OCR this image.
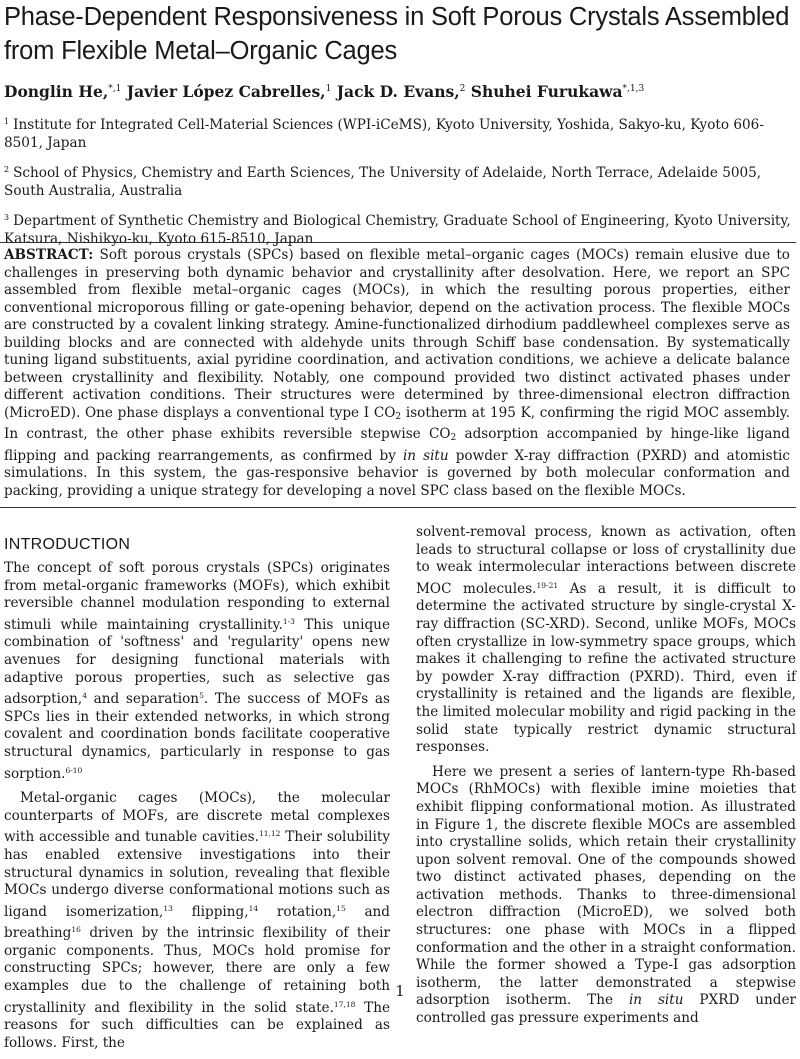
Phase-Dependent Responsiveness in Soft Porous Crystals Assembled from Flexible Metal–Organic Cages
Donglin He,$^{*,1}$ Javier López Cabrelles,$^1$ Jack D. Evans,$^2$ Shuhei Furukawa$^{*,1,3}$
$^1$ Institute for Integrated Cell-Material Sciences (WPI-iCeMS), Kyoto University, Yoshida, Sakyo-ku, Kyoto 606-8501, Japan
$^2$ School of Physics, Chemistry and Earth Sciences, The University of Adelaide, North Terrace, Adelaide 5005, South Australia, Australia
$^3$ Department of Synthetic Chemistry and Biological Chemistry, Graduate School of Engineering, Kyoto University, Katsura, Nishikyo-ku, Kyoto 615-8510, Japan
ABSTRACT: Soft porous crystals (SPCs) based on flexible metal–organic cages (MOCs) remain elusive due to challenges in preserving both dynamic behavior and crystallinity after desolvation. Here, we report an SPC assembled from flexible metal–organic cages (MOCs), in which the resulting porous properties, either conventional microporous filling or gate-opening behavior, depend on the activation process. The flexible MOCs are constructed by a covalent linking strategy. Amine-functionalized dirhodium paddlewheel complexes serve as building blocks and are connected with aldehyde units through Schiff base condensation. By systematically tuning ligand substituents, axial pyridine coordination, and activation conditions, we achieve a delicate balance between crystallinity and flexibility. Notably, one compound provided two distinct activated phases under different activation conditions. Their structures were determined by three-dimensional electron diffraction (MicroED). One phase displays a conventional type I $CO_2$ isotherm at 195 K, confirming the rigid MOC assembly. In contrast, the other phase exhibits reversible stepwise $CO_2$ adsorption accompanied by hinge-like ligand flipping and packing rearrangements, as confirmed by in situ powder X-ray diffraction (PXRD) and atomistic simulations. In this system, the gas-responsive behavior is governed by both molecular conformation and packing, providing a unique strategy for developing a novel SPC class based on the flexible MOCs.
INTRODUCTION

The concept of soft porous crystals (SPCs) originates from metal-organic frameworks (MOFs), which exhibit reversible channel modulation responding to external stimuli while maintaining crystallinity.$^{1-3}$ This unique combination of 'softness' and 'regularity' opens new avenues for designing functional materials with adaptive porous properties, such as selective gas adsorption,$^4$ and separation$^5$. The success of MOFs as SPCs lies in their extended networks, in which strong covalent and coordination bonds facilitate cooperative structural dynamics, particularly in response to gas sorption.$^{6-10}$

Metal-organic cages (MOCs), the molecular counterparts of MOFs, are discrete metal complexes with accessible and tunable cavities.$^{11,12}$ Their solubility has enabled extensive investigations into their structural dynamics in solution, revealing that flexible MOCs undergo diverse conformational motions such as ligand isomerization,$^{13}$ flipping,$^{14}$ rotation,$^{15}$ and breathing$^{16}$ driven by the intrinsic flexibility of their organic components. Thus, MOCs hold promise for constructing SPCs; however, there are only a few examples due to the challenge of retaining both crystallinity and flexibility in the solid state.$^{17,18}$ The reasons for such difficulties can be explained as follows. First, the

solvent-removal process, known as activation, often leads to structural collapse or loss of crystallinity due to weak intermolecular interactions between discrete MOC molecules.$^{19-21}$ As a result, it is difficult to determine the activated structure by single-crystal X-ray diffraction (SC-XRD). Second, unlike MOFs, MOCs often crystallize in low-symmetry space groups, which makes it challenging to refine the activated structure by powder X-ray diffraction (PXRD). Third, even if crystallinity is retained and the ligands are flexible, the limited molecular mobility and rigid packing in the solid state typically restrict dynamic structural responses.

Here we present a series of lantern-type Rh-based MOCs (RhMOCs) with flexible imine moieties that exhibit flipping conformational motion. As illustrated in Figure 1, the discrete flexible MOCs are assembled into crystalline solids, which retain their crystallinity upon solvent removal. One of the compounds showed two distinct activated phases, depending on the activation methods. Thanks to three-dimensional electron diffraction (MicroED), we solved both structures: one phase with MOCs in a flipped conformation and the other in a straight conformation. While the former showed a Type-I gas adsorption isotherm, the latter demonstrated a stepwise adsorption isotherm. The in situ PXRD under controlled gas pressure experiments and

1
